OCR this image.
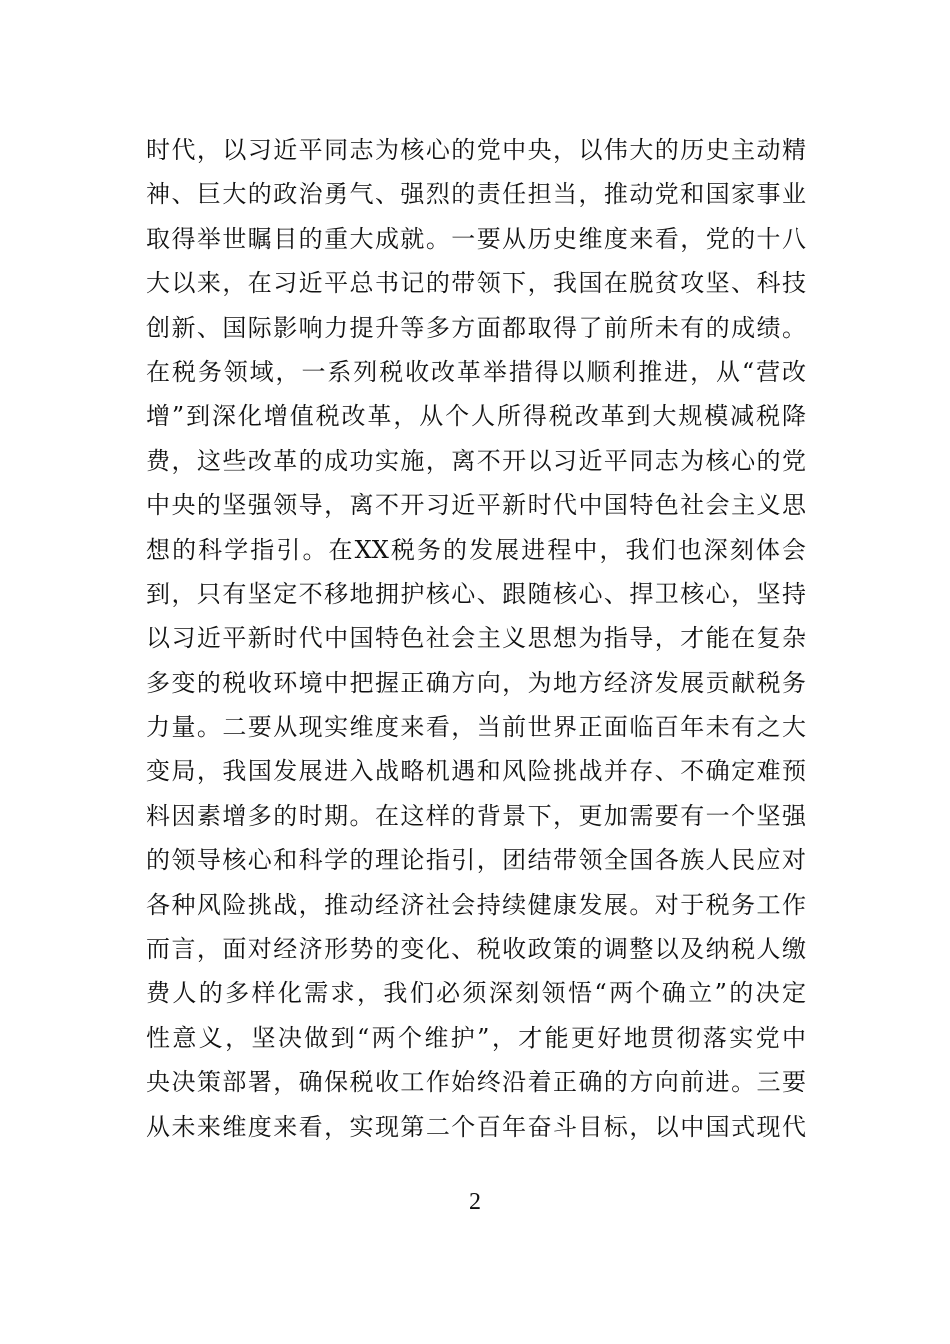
时代，以习近平同志为核心的党中央，以伟大的历史主动精
神、巨大的政治勇气、强烈的责任担当，推动党和国家事业
取得举世瞩目的重大成就。一要从历史维度来看，党的十八
大以来，在习近平总书记的带领下，我国在脱贫攻坚、科技
创新、国际影响力提升等多方面都取得了前所未有的成绩。
在税务领域，一系列税收改革举措得以顺利推进，从“营改
增”到深化增值税改革，从个人所得税改革到大规模减税降
费，这些改革的成功实施，离不开以习近平同志为核心的党
中央的坚强领导，离不开习近平新时代中国特色社会主义思
想的科学指引。在XX税务的发展进程中，我们也深刻体会
到，只有坚定不移地拥护核心、跟随核心、捍卫核心，坚持
以习近平新时代中国特色社会主义思想为指导，才能在复杂
多变的税收环境中把握正确方向，为地方经济发展贡献税务
力量。二要从现实维度来看，当前世界正面临百年未有之大
变局，我国发展进入战略机遇和风险挑战并存、不确定难预
料因素增多的时期。在这样的背景下，更加需要有一个坚强
的领导核心和科学的理论指引，团结带领全国各族人民应对
各种风险挑战，推动经济社会持续健康发展。对于税务工作
而言，面对经济形势的变化、税收政策的调整以及纳税人缴
费人的多样化需求，我们必须深刻领悟“两个确立”的决定
性意义，坚决做到“两个维护”，才能更好地贯彻落实党中
央决策部署，确保税收工作始终沿着正确的方向前进。三要
从未来维度来看，实现第二个百年奋斗目标，以中国式现代
2
